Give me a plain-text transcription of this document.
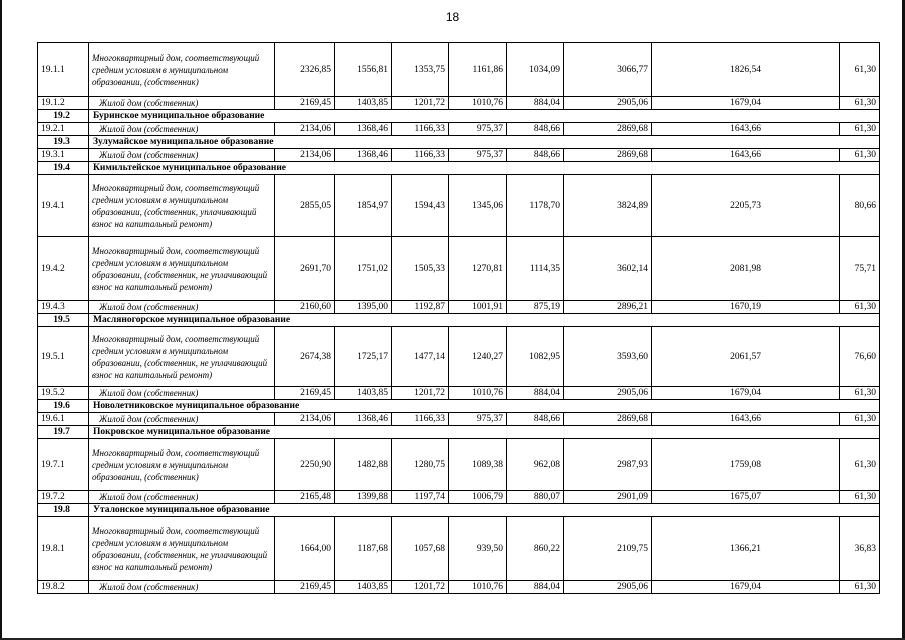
18
19.1.1	Многоквартирный дом, соответствующий средним условиям в муниципальном образовании, (собственник)	2326,85	1556,81	1353,75	1161,86	1034,09	3066,77	1826,54	61,30
19.1.2	Жилой дом (собственник)	2169,45	1403,85	1201,72	1010,76	884,04	2905,06	1679,04	61,30
19.2	Буринское муниципальное образование								
19.2.1	Жилой дом (собственник)	2134,06	1368,46	1166,33	975,37	848,66	2869,68	1643,66	61,30
19.3	Зулумайское муниципальное образование								
19.3.1	Жилой дом (собственник)	2134,06	1368,46	1166,33	975,37	848,66	2869,68	1643,66	61,30
19.4	Кимильтейское муниципальное образование								
19.4.1	Многоквартирный дом, соответствующий средним условиям в муниципальном образовании, (собственник, уплачивающий взнос на капитальный ремонт)	2855,05	1854,97	1594,43	1345,06	1178,70	3824,89	2205,73	80,66
19.4.2	Многоквартирный дом, соответствующий средним условиям в муниципальном образовании, (собственник, не уплачивающий взнос на капитальный ремонт)	2691,70	1751,02	1505,33	1270,81	1114,35	3602,14	2081,98	75,71
19.4.3	Жилой дом (собственник)	2160,60	1395,00	1192,87	1001,91	875,19	2896,21	1670,19	61,30
19.5	Масляногорское муниципальное образование								
19.5.1	Многоквартирный дом, соответствующий средним условиям в муниципальном образовании, (собственник, не уплачивающий взнос на капитальный ремонт)	2674,38	1725,17	1477,14	1240,27	1082,95	3593,60	2061,57	76,60
19.5.2	Жилой дом (собственник)	2169,45	1403,85	1201,72	1010,76	884,04	2905,06	1679,04	61,30
19.6	Новолетниковское муниципальное образование								
19.6.1	Жилой дом (собственник)	2134,06	1368,46	1166,33	975,37	848,66	2869,68	1643,66	61,30
19.7	Покровское муниципальное образование								
19.7.1	Многоквартирный дом, соответствующий средним условиям в муниципальном образовании, (собственник)	2250,90	1482,88	1280,75	1089,38	962,08	2987,93	1759,08	61,30
19.7.2	Жилой дом (собственник)	2165,48	1399,88	1197,74	1006,79	880,07	2901,09	1675,07	61,30
19.8	Уталонское муниципальное образование								
19.8.1	Многоквартирный дом, соответствующий средним условиям в муниципальном образовании, (собственник, не уплачивающий взнос на капитальный ремонт)	1664,00	1187,68	1057,68	939,50	860,22	2109,75	1366,21	36,83
19.8.2	Жилой дом (собственник)	2169,45	1403,85	1201,72	1010,76	884,04	2905,06	1679,04	61,30
